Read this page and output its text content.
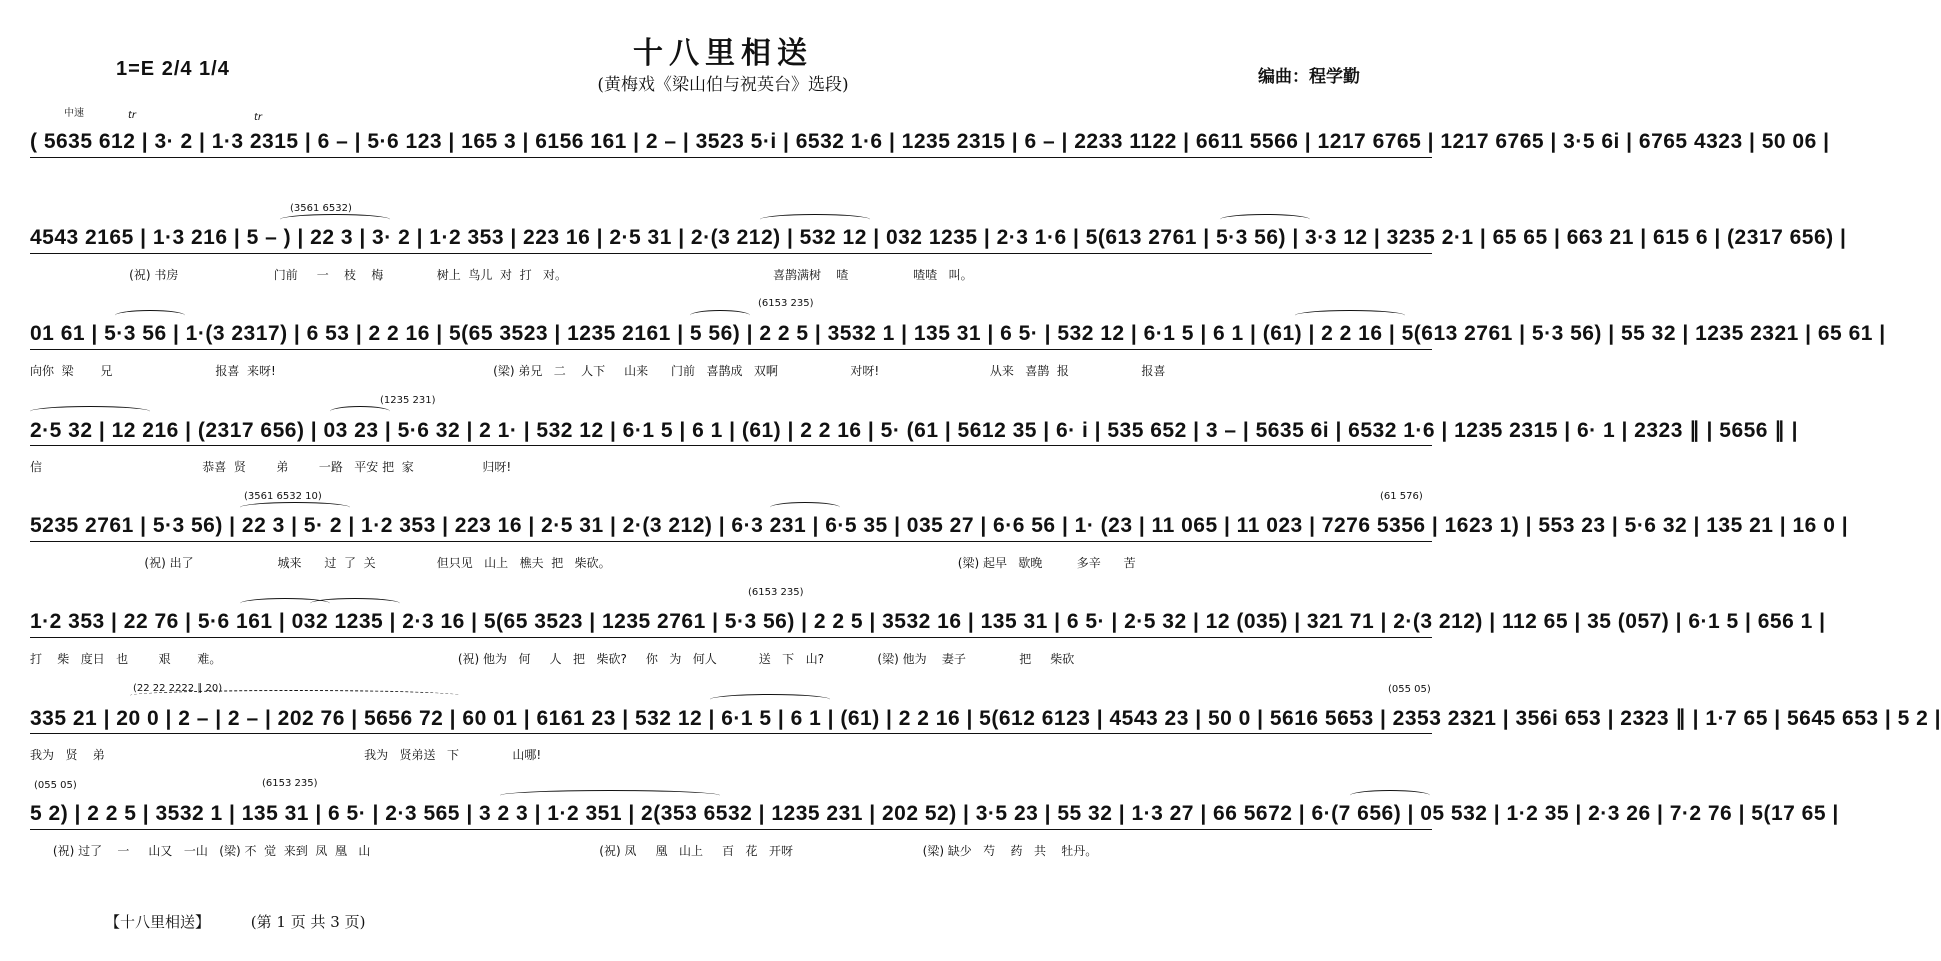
十八里相送
(黄梅戏《梁山伯与祝英台》选段)
1=E 2/4 1/4	编曲：程学勤
中速	tr	tr
(3561 6532)
(6153 235)
(1235 231)
(3561 6532 10)	(61 576)
(6153 235)
(22 22 2222 ∥ 20)	(055 05)
(055 05)	(6153 235)
( 5635 612 | 3· 2 | 1·3 2315 | 6 – | 5·6 123 | 165 3 | 6156 161 | 2 – | 3523 5·i | 6532 1·6 | 1235 2315 | 6 – | 2233 1122 | 6611 5566 | 1217 6765 | 1217 6765 | 3·5 6i | 6765 4323 | 50 06 |
4543 2165 | 1·3 216 | 5 – ) | 22 3 | 3· 2 | 1·2 353 | 223 16 | 2·5 31 | 2·(3 212) | 532 12 | 032 1235 | 2·3 1·6 | 5(613 2761 | 5·3 56) | 3·3 12 | 3235 2·1 | 65 65 | 663 21 | 615 6 | (2317 656) |
(祝) 书房                         门前     一    枝    梅              树上  鸟儿  对  打   对。                                                      喜鹊满树    喳                 喳喳   叫。
01 61 | 5·3 56 | 1·(3 2317) | 6 53 | 2 2 16 | 5(65 3523 | 1235 2161 | 5 56) | 2 2 5 | 3532 1 | 135 31 | 6 5· | 532 12 | 6·1 5 | 6 1 | (61) | 2 2 16 | 5(613 2761 | 5·3 56) | 55 32 | 1235 2321 | 65 61 |
向你  梁       兄                           报喜  来呀!                                                         (梁) 弟兄   二    人下     山来      门前   喜鹊成   双啊                   对呀!                             从来   喜鹊  报                   报喜
2·5 32 | 12 216 | (2317 656) | 03 23 | 5·6 32 | 2 1· | 532 12 | 6·1 5 | 6 1 | (61) | 2 2 16 | 5· (61 | 5612 35 | 6· i | 535 652 | 3 – | 5635 6i | 6532 1·6 | 1235 2315 | 6· 1 | 2323 ∥ | 5656 ∥ |
信                                          恭喜  贤        弟        一路   平安 把  家                  归呀!
5235 2761 | 5·3 56) | 22 3 | 5· 2 | 1·2 353 | 223 16 | 2·5 31 | 2·(3 212) | 6·3 231 | 6·5 35 | 035 27 | 6·6 56 | 1· (23 | 11 065 | 11 023 | 7276 5356 | 1623 1) | 553 23 | 5·6 32 | 135 21 | 16 0 |
(祝) 出了                      城来      过  了  关                但只见   山上   樵夫  把   柴砍。                                                                                           (梁) 起早   歇晚         多辛      苦
1·2 353 | 22 76 | 5·6 161 | 032 1235 | 2·3 16 | 5(65 3523 | 1235 2761 | 5·3 56) | 2 2 5 | 3532 16 | 135 31 | 6 5· | 2·5 32 | 12 (035) | 321 71 | 2·(3 212) | 112 65 | 35 (057) | 6·1 5 | 656 1 |
打    柴   度日   也        艰       难。                                                              (祝) 他为   何     人   把   柴砍?     你   为   何人           送   下   山?              (梁) 他为    妻子              把     柴砍
335 21 | 20 0 | 2 – | 2 – | 202 76 | 5656 72 | 60 01 | 6161 23 | 532 12 | 6·1 5 | 6 1 | (61) | 2 2 16 | 5(612 6123 | 4543 23 | 50 0 | 5616 5653 | 2353 2321 | 356i 653 | 2323 ∥ | 1·7 65 | 5645 653 | 5 2 |
我为   贤    弟                                                                    我为   贤弟送   下              山哪!
5 2) | 2 2 5 | 3532 1 | 135 31 | 6 5· | 2·3 565 | 3 2 3 | 1·2 351 | 2(353 6532 | 1235 231 | 202 52) | 3·5 23 | 55 32 | 1·3 27 | 66 5672 | 6·(7 656) | 05 532 | 1·2 35 | 2·3 26 | 7·2 76 | 5(17 65 |
(祝) 过了    一     山又   一山   (梁) 不  觉  来到  凤  凰   山                                                            (祝) 凤     凰   山上     百   花   开呀                                  (梁) 缺少   芍    药   共    牡丹。
【十八里相送】	(第 1 页 共 3 页)
